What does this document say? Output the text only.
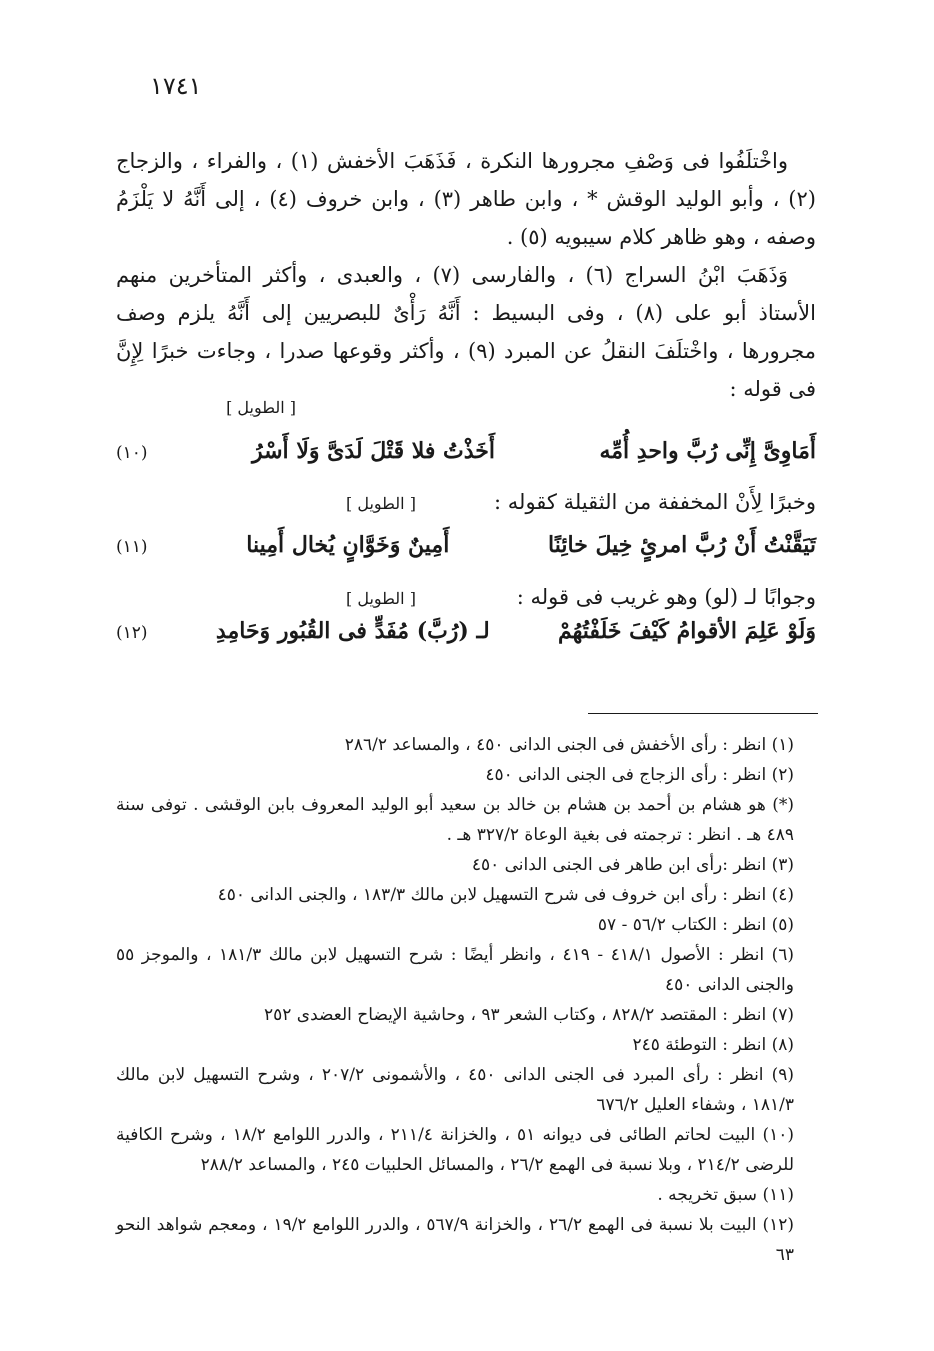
١٧٤١

واخْتلَفُوا فى وَصْفِ مجرورها النكرة ، فَذَهَبَ الأخفش (١) ، والفراء ، والزجاج (٢) ، وأبو الوليد الوقش * ، وابن طاهر (٣) ، وابن خروف (٤) ، إلى أَنَّهُ لا يَلْزَمُ وصفه ، وهو ظاهر كلام سيبويه (٥) .

وَذَهَبَ ابْنُ السراج (٦) ، والفارسى (٧) ، والعبدى ، وأكثر المتأخرين منهم الأستاذ أبو على (٨) ، وفى البسيط : أَنَّهُ رَأْىٌ للبصريين إلى أَنَّهُ يلزم وصف مجرورها ، واخْتلَفَ النقلُ عن المبرد (٩) ، وأكثر وقوعها صدرا ، وجاءت خبرًا لِإِنَّ فى قوله :

[ الطويل ]
أَمَاوِىَّ إِنِّى رُبَّ واحدِ أُمِّه
أَخَذْتُ فلا قَتْلَ لَدَىَّ وَلَا أَسْرُ
(١٠)
وخبرًا لِأَنْ المخففة من الثقيلة كقوله :
[ الطويل ]
تَيَقَّنْتُ أَنْ رُبَّ امرئٍ خِيلَ خائِنًا
أَمِينٌ وَخَوَّانٍ يُخال أَمِينا
(١١)
وجوابًا لـ (لو) وهو غريب فى قوله :
[ الطويل ]
وَلَوْ عَلِمَ الأقوامُ كَيْفَ خَلَفْتُهُمْ
لـ (رُبَّ) مُفَدٍّ فى القُبُور وَحَامِدِ
(١٢)

(١) انظر : رأى الأخفش فى الجنى الدانى ٤٥٠ ، والمساعد ٢٨٦/٢

(٢) انظر : رأى الزجاج فى الجنى الدانى ٤٥٠

(*) هو هشام بن أحمد بن هشام بن خالد بن سعيد أبو الوليد المعروف بابن الوقشى . توفى سنة ٤٨٩ هـ . انظر : ترجمته فى بغية الوعاة ٣٢٧/٢ هـ .

(٣) انظر :رأى ابن طاهر فى الجنى الدانى ٤٥٠

(٤) انظر : رأى ابن خروف فى شرح التسهيل لابن مالك ١٨٣/٣ ، والجنى الدانى ٤٥٠

(٥) انظر : الكتاب ٥٦/٢ - ٥٧

(٦) انظر : الأصول ٤١٨/١ - ٤١٩ ، وانظر أيضًا : شرح التسهيل لابن مالك ١٨١/٣ ، والموجز ٥٥ والجنى الدانى ٤٥٠

(٧) انظر : المقتصد ٨٢٨/٢ ، وكتاب الشعر ٩٣ ، وحاشية الإيضاح العضدى ٢٥٢

(٨) انظر : التوطئة ٢٤٥

(٩) انظر : رأى المبرد فى الجنى الدانى ٤٥٠ ، والأشمونى ٢٠٧/٢ ، وشرح التسهيل لابن مالك ١٨١/٣ ، وشفاء العليل ٦٧٦/٢

(١٠) البيت لحاتم الطائى فى ديوانه ٥١ ، والخزانة ٢١١/٤ ، والدرر اللوامع ١٨/٢ ، وشرح الكافية للرضى ٢١٤/٢ ، وبلا نسبة فى الهمع ٢٦/٢ ، والمسائل الحلبيات ٢٤٥ ، والمساعد ٢٨٨/٢

(١١) سبق تخريجه .

(١٢) البيت بلا نسبة فى الهمع ٢٦/٢ ، والخزانة ٥٦٧/٩ ، والدرر اللوامع ١٩/٢ ، ومعجم شواهد النحو ٦٣
